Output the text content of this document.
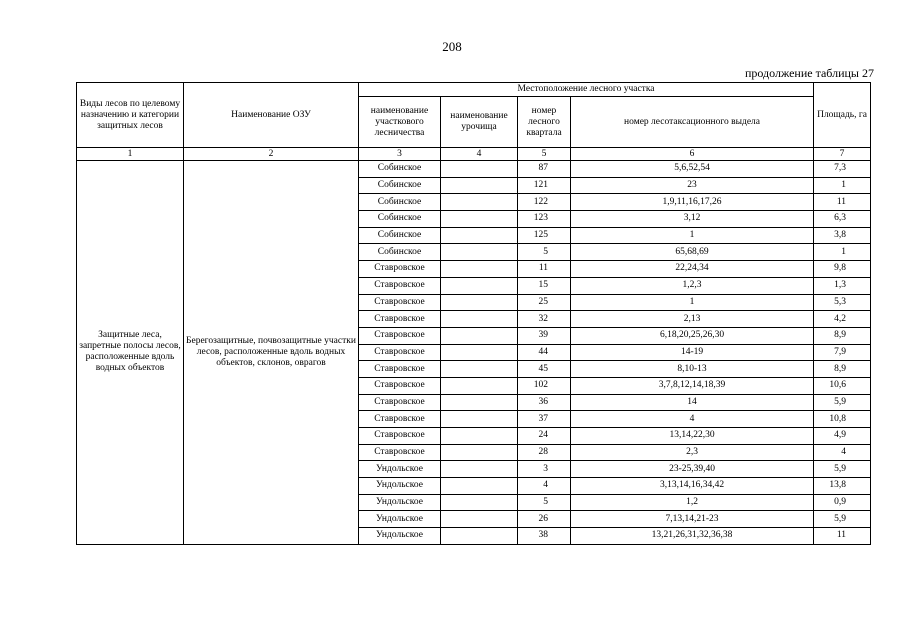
208
продолжение таблицы 27
Виды лесов по целевому назначению и категории защитных лесов	Наименование ОЗУ	Местоположение лесного участка				Площадь, га
		наименование участкового лесничества	наименование урочища	номер лесного квартала	номер лесотаксационного выдела	
1	2	3	4	5	6	7
Защитные леса, запретные полосы лесов, расположенные вдоль водных объектов	Берегозащитные, почвозащитные участки лесов, расположенные вдоль водных объектов, склонов, оврагов	Собинское		87	5,6,52,54	7,3
		Собинское		121	23	1
		Собинское		122	1,9,11,16,17,26	11
		Собинское		123	3,12	6,3
		Собинское		125	1	3,8
		Собинское		5	65,68,69	1
		Ставровское		11	22,24,34	9,8
		Ставровское		15	1,2,3	1,3
		Ставровское		25	1	5,3
		Ставровское		32	2,13	4,2
		Ставровское		39	6,18,20,25,26,30	8,9
		Ставровское		44	14-19	7,9
		Ставровское		45	8,10-13	8,9
		Ставровское		102	3,7,8,12,14,18,39	10,6
		Ставровское		36	14	5,9
		Ставровское		37	4	10,8
		Ставровское		24	13,14,22,30	4,9
		Ставровское		28	2,3	4
		Ундольское		3	23-25,39,40	5,9
		Ундольское		4	3,13,14,16,34,42	13,8
		Ундольское		5	1,2	0,9
		Ундольское		26	7,13,14,21-23	5,9
		Ундольское		38	13,21,26,31,32,36,38	11
